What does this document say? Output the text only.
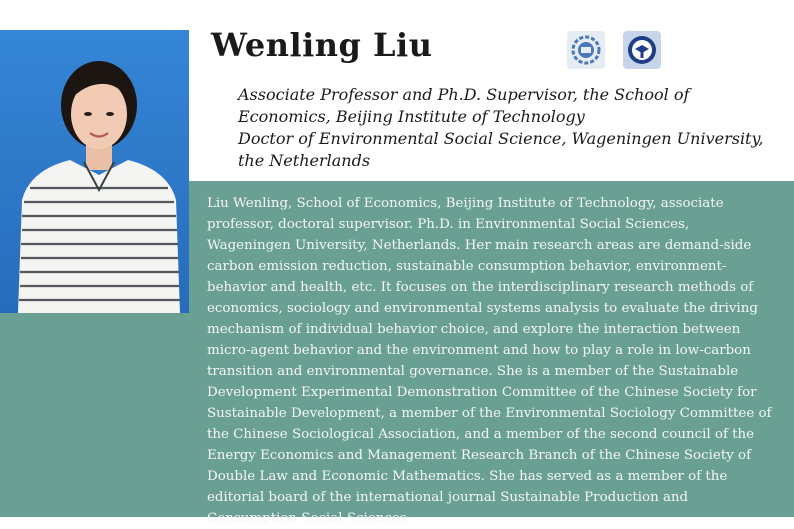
Wenling Liu
Associate Professor and Ph.D. Supervisor, the School of Economics, Beijing Institute of Technology
Doctor of Environmental Social Science, Wageningen University, the Netherlands
Liu Wenling, School of Economics, Beijing Institute of Technology, associate professor, doctoral supervisor. Ph.D. in Environmental Social Sciences, Wageningen University, Netherlands. Her main research areas are demand-side carbon emission reduction, sustainable consumption behavior, environment-behavior and health, etc. It focuses on the interdisciplinary research methods of economics, sociology and environmental systems analysis to evaluate the driving mechanism of individual behavior choice, and explore the interaction between micro-agent behavior and the environment and how to play a role in low-carbon transition and environmental governance. She is a member of the Sustainable Development Experimental Demonstration Committee of the Chinese Society for Sustainable Development, a member of the Environmental Sociology Committee of the Chinese Sociological Association, and a member of the second council of the Energy Economics and Management Research Branch of the Chinese Society of Double Law and Economic Mathematics. She has served as a member of the editorial board of the international journal Sustainable Production and Consumption Social Sciences.
